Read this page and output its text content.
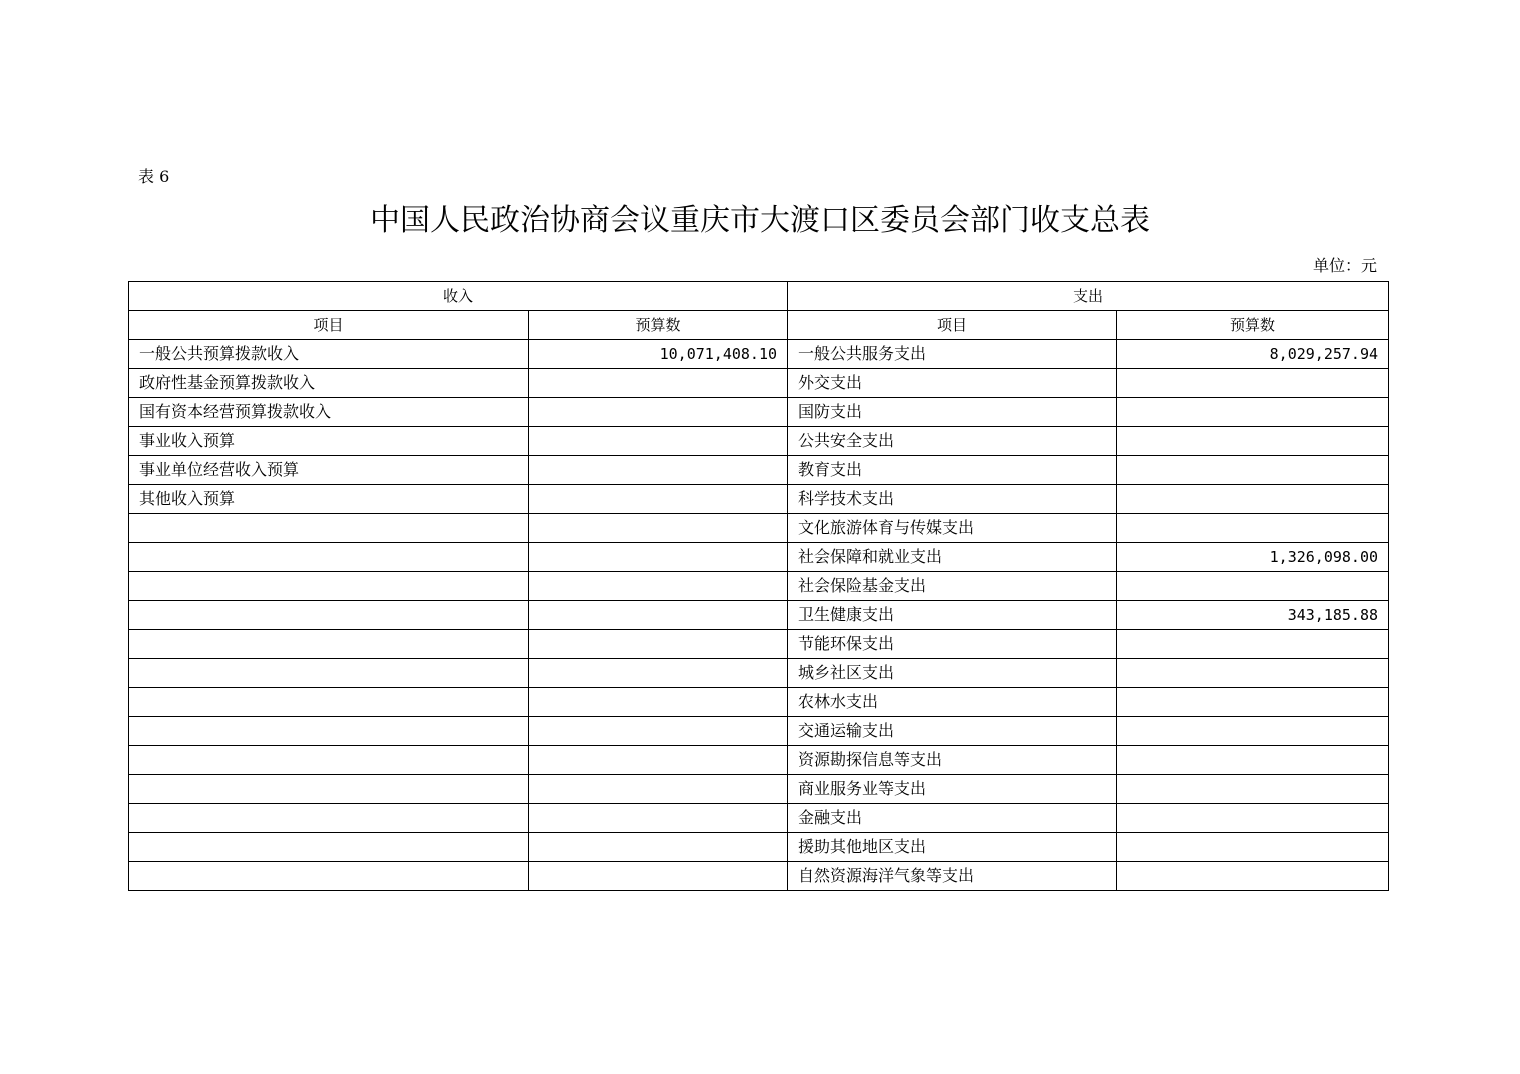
表 6
中国人民政治协商会议重庆市大渡口区委员会部门收支总表
单位：元
收入		支出	
项目	预算数	项目	预算数
一般公共预算拨款收入	10,071,408.10	一般公共服务支出	8,029,257.94
政府性基金预算拨款收入		外交支出	
国有资本经营预算拨款收入		国防支出	
事业收入预算		公共安全支出	
事业单位经营收入预算		教育支出	
其他收入预算		科学技术支出	
		文化旅游体育与传媒支出	
		社会保障和就业支出	1,326,098.00
		社会保险基金支出	
		卫生健康支出	343,185.88
		节能环保支出	
		城乡社区支出	
		农林水支出	
		交通运输支出	
		资源勘探信息等支出	
		商业服务业等支出	
		金融支出	
		援助其他地区支出	
		自然资源海洋气象等支出	
